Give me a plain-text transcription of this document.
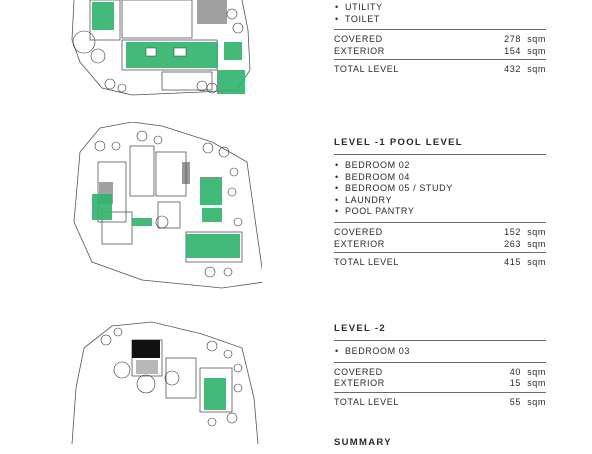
•
• UTILITY
• TOILET
COVERED	278 sqm
EXTERIOR	154 sqm
TOTAL LEVEL	432 sqm
LEVEL -1 POOL LEVEL
• BEDROOM 02
• BEDROOM 04
• BEDROOM 05 / STUDY
• LAUNDRY
• POOL PANTRY
COVERED	152 sqm
EXTERIOR	263 sqm
TOTAL LEVEL	415 sqm
LEVEL -2
• BEDROOM 03
COVERED	40 sqm
EXTERIOR	15 sqm
TOTAL LEVEL	55 sqm
SUMMARY
